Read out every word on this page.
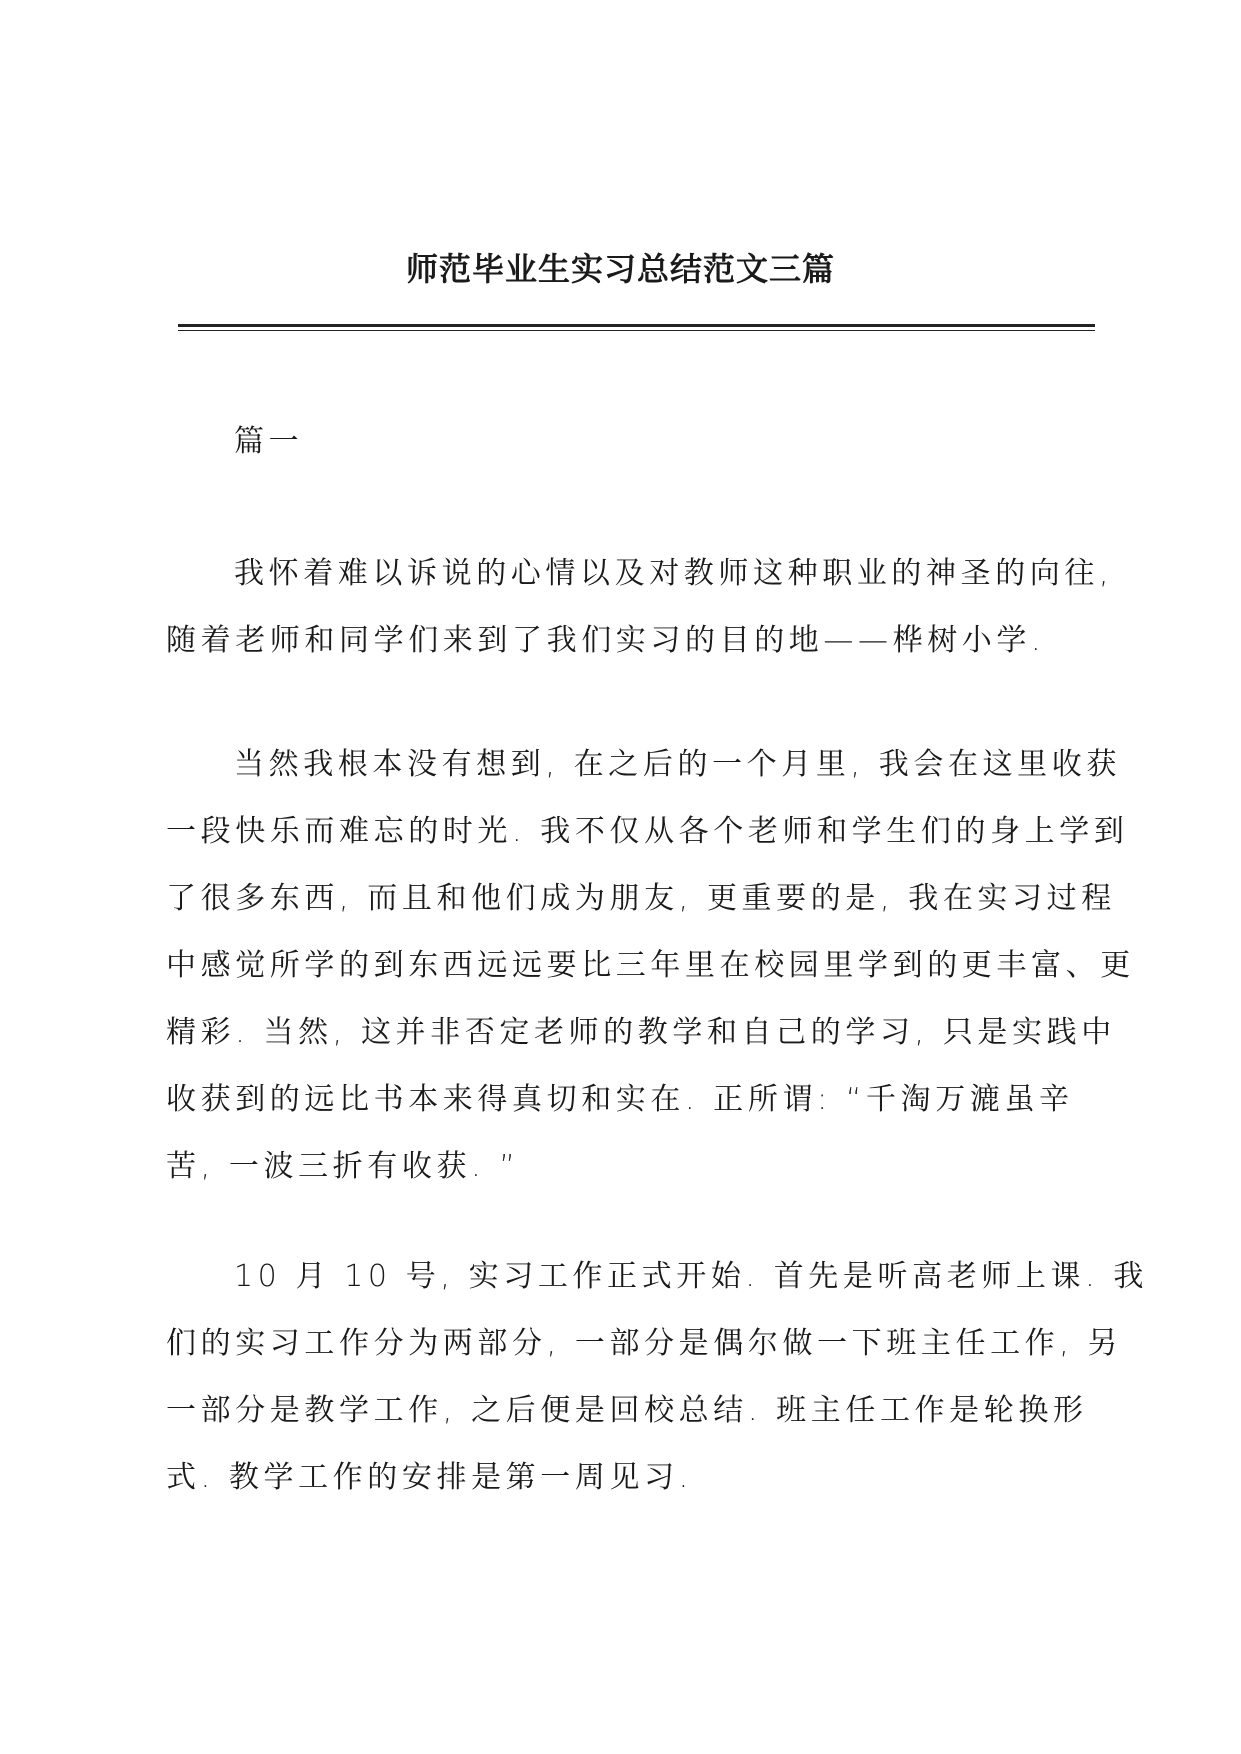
师范毕业生实习总结范文三篇

篇一

我怀着难以诉说的心情以及对教师这种职业的神圣的向往,
随着老师和同学们来到了我们实习的目的地——桦树小学.

当然我根本没有想到, 在之后的一个月里, 我会在这里收获
一段快乐而难忘的时光. 我不仅从各个老师和学生们的身上学到
了很多东西, 而且和他们成为朋友, 更重要的是, 我在实习过程
中感觉所学的到东西远远要比三年里在校园里学到的更丰富、更
精彩. 当然, 这并非否定老师的教学和自己的学习, 只是实践中
收获到的远比书本来得真切和实在. 正所谓: “千淘万漉虽辛
苦, 一波三折有收获. ”

10 月 10 号, 实习工作正式开始. 首先是听高老师上课. 我
们的实习工作分为两部分, 一部分是偶尔做一下班主任工作, 另
一部分是教学工作, 之后便是回校总结. 班主任工作是轮换形
式. 教学工作的安排是第一周见习.
